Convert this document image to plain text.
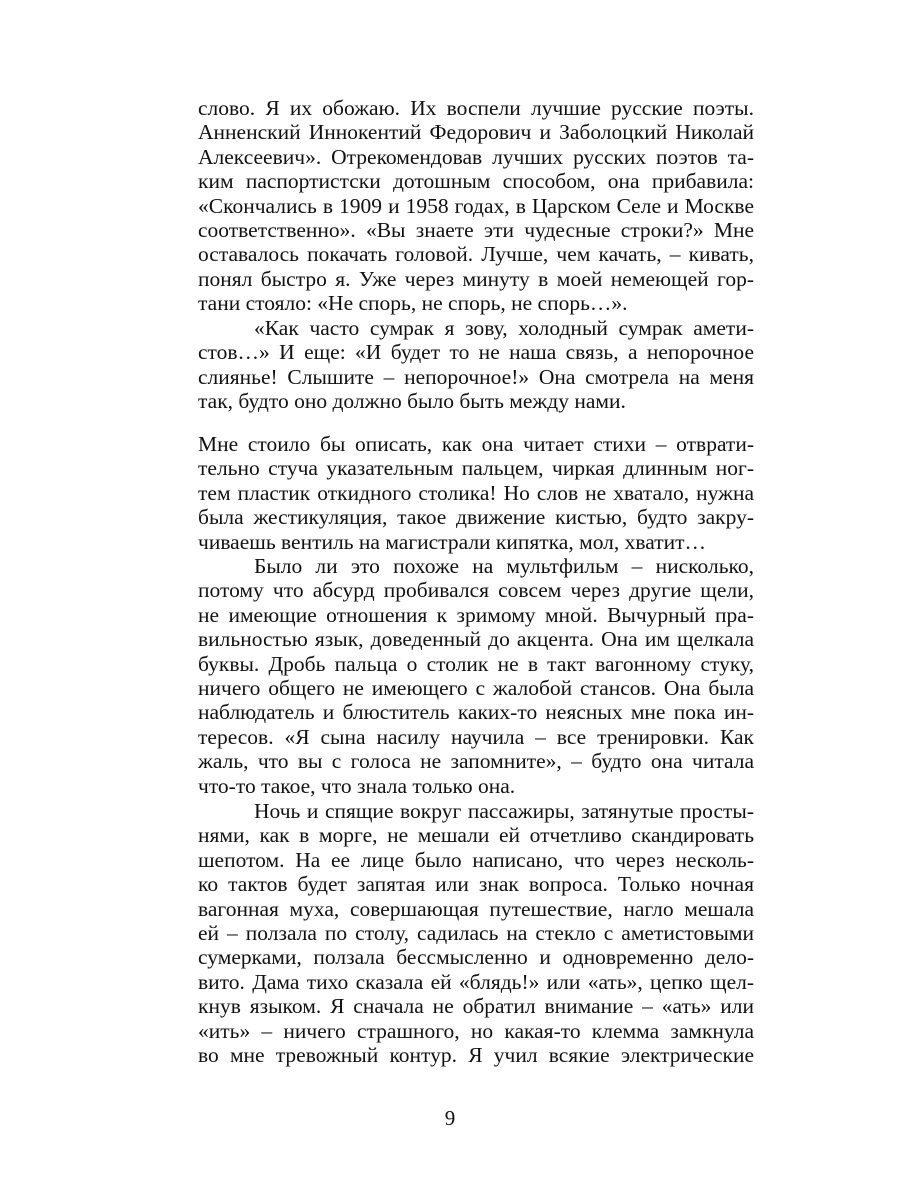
слово. Я их обожаю. Их воспели лучшие русские поэты.
Анненский Иннокентий Федорович и Заболоцкий Николай
Алексеевич». Отрекомендовав лучших русских поэтов та-
ким паспортистски дотошным способом, она прибавила:
«Скончались в 1909 и 1958 годах, в Царском Селе и Москве
соответственно». «Вы знаете эти чудесные строки?» Мне
оставалось покачать головой. Лучше, чем качать, – кивать,
понял быстро я. Уже через минуту в моей немеющей гор-
тани стояло: «Не спорь, не спорь, не спорь…».
«Как часто сумрак я зову, холодный сумрак амети-
стов…» И еще: «И будет то не наша связь, а непорочное
слиянье! Слышите – непорочное!» Она смотрела на меня
так, будто оно должно было быть между нами.
Мне стоило бы описать, как она читает стихи – отврати-
тельно стуча указательным пальцем, чиркая длинным ног-
тем пластик откидного столика! Но слов не хватало, нужна
была жестикуляция, такое движение кистью, будто закру-
чиваешь вентиль на магистрали кипятка, мол, хватит…
Было ли это похоже на мультфильм – нисколько,
потому что абсурд пробивался совсем через другие щели,
не имеющие отношения к зримому мной. Вычурный пра-
вильностью язык, доведенный до акцента. Она им щелкала
буквы. Дробь пальца о столик не в такт вагонному стуку,
ничего общего не имеющего с жалобой стансов. Она была
наблюдатель и блюститель каких-то неясных мне пока ин-
тересов. «Я сына насилу научила – все тренировки. Как
жаль, что вы с голоса не запомните», – будто она читала
что-то такое, что знала только она.
Ночь и спящие вокруг пассажиры, затянутые просты-
нями, как в морге, не мешали ей отчетливо скандировать
шепотом. На ее лице было написано, что через несколь-
ко тактов будет запятая или знак вопроса. Только ночная
вагонная муха, совершающая путешествие, нагло мешала
ей – ползала по столу, садилась на стекло с аметистовыми
сумерками, ползала бессмысленно и одновременно дело-
вито. Дама тихо сказала ей «блядь!» или «ать», цепко щел-
кнув языком. Я сначала не обратил внимание – «ать» или
«ить» – ничего страшного, но какая-то клемма замкнула
во мне тревожный контур. Я учил всякие электрические
9
